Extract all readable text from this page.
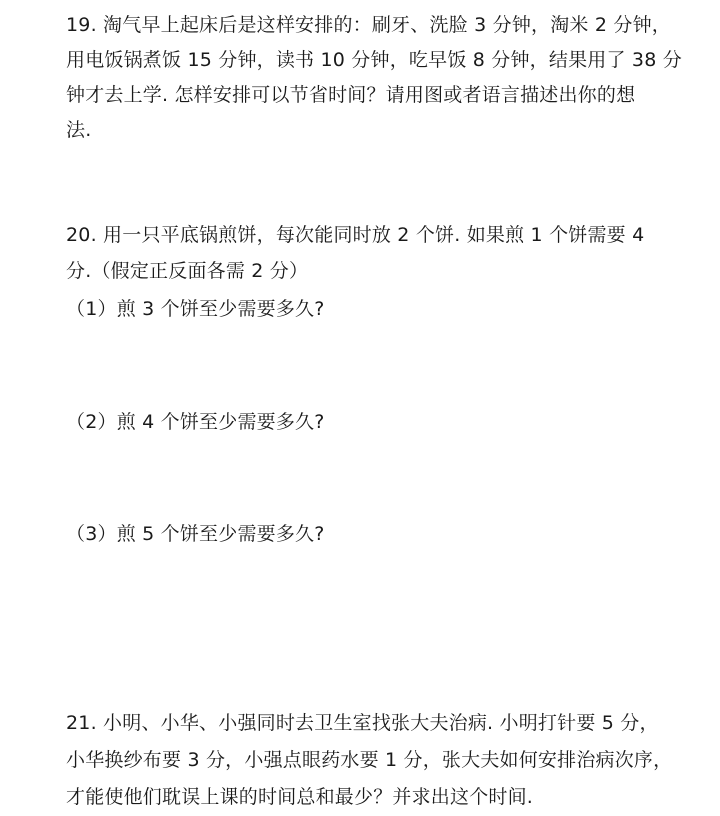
19. 淘气早上起床后是这样安排的：刷牙、洗脸 3 分钟，淘米 2 分钟，
用电饭锅煮饭 15 分钟，读书 10 分钟，吃早饭 8 分钟，结果用了 38 分
钟才去上学. 怎样安排可以节省时间？请用图或者语言描述出你的想
法.
20. 用一只平底锅煎饼，每次能同时放 2 个饼. 如果煎 1 个饼需要 4
分.（假定正反面各需 2 分）
（1）煎 3 个饼至少需要多久?
（2）煎 4 个饼至少需要多久?
（3）煎 5 个饼至少需要多久?
21. 小明、小华、小强同时去卫生室找张大夫治病. 小明打针要 5 分，
小华换纱布要 3 分，小强点眼药水要 1 分，张大夫如何安排治病次序，
才能使他们耽误上课的时间总和最少？并求出这个时间.
